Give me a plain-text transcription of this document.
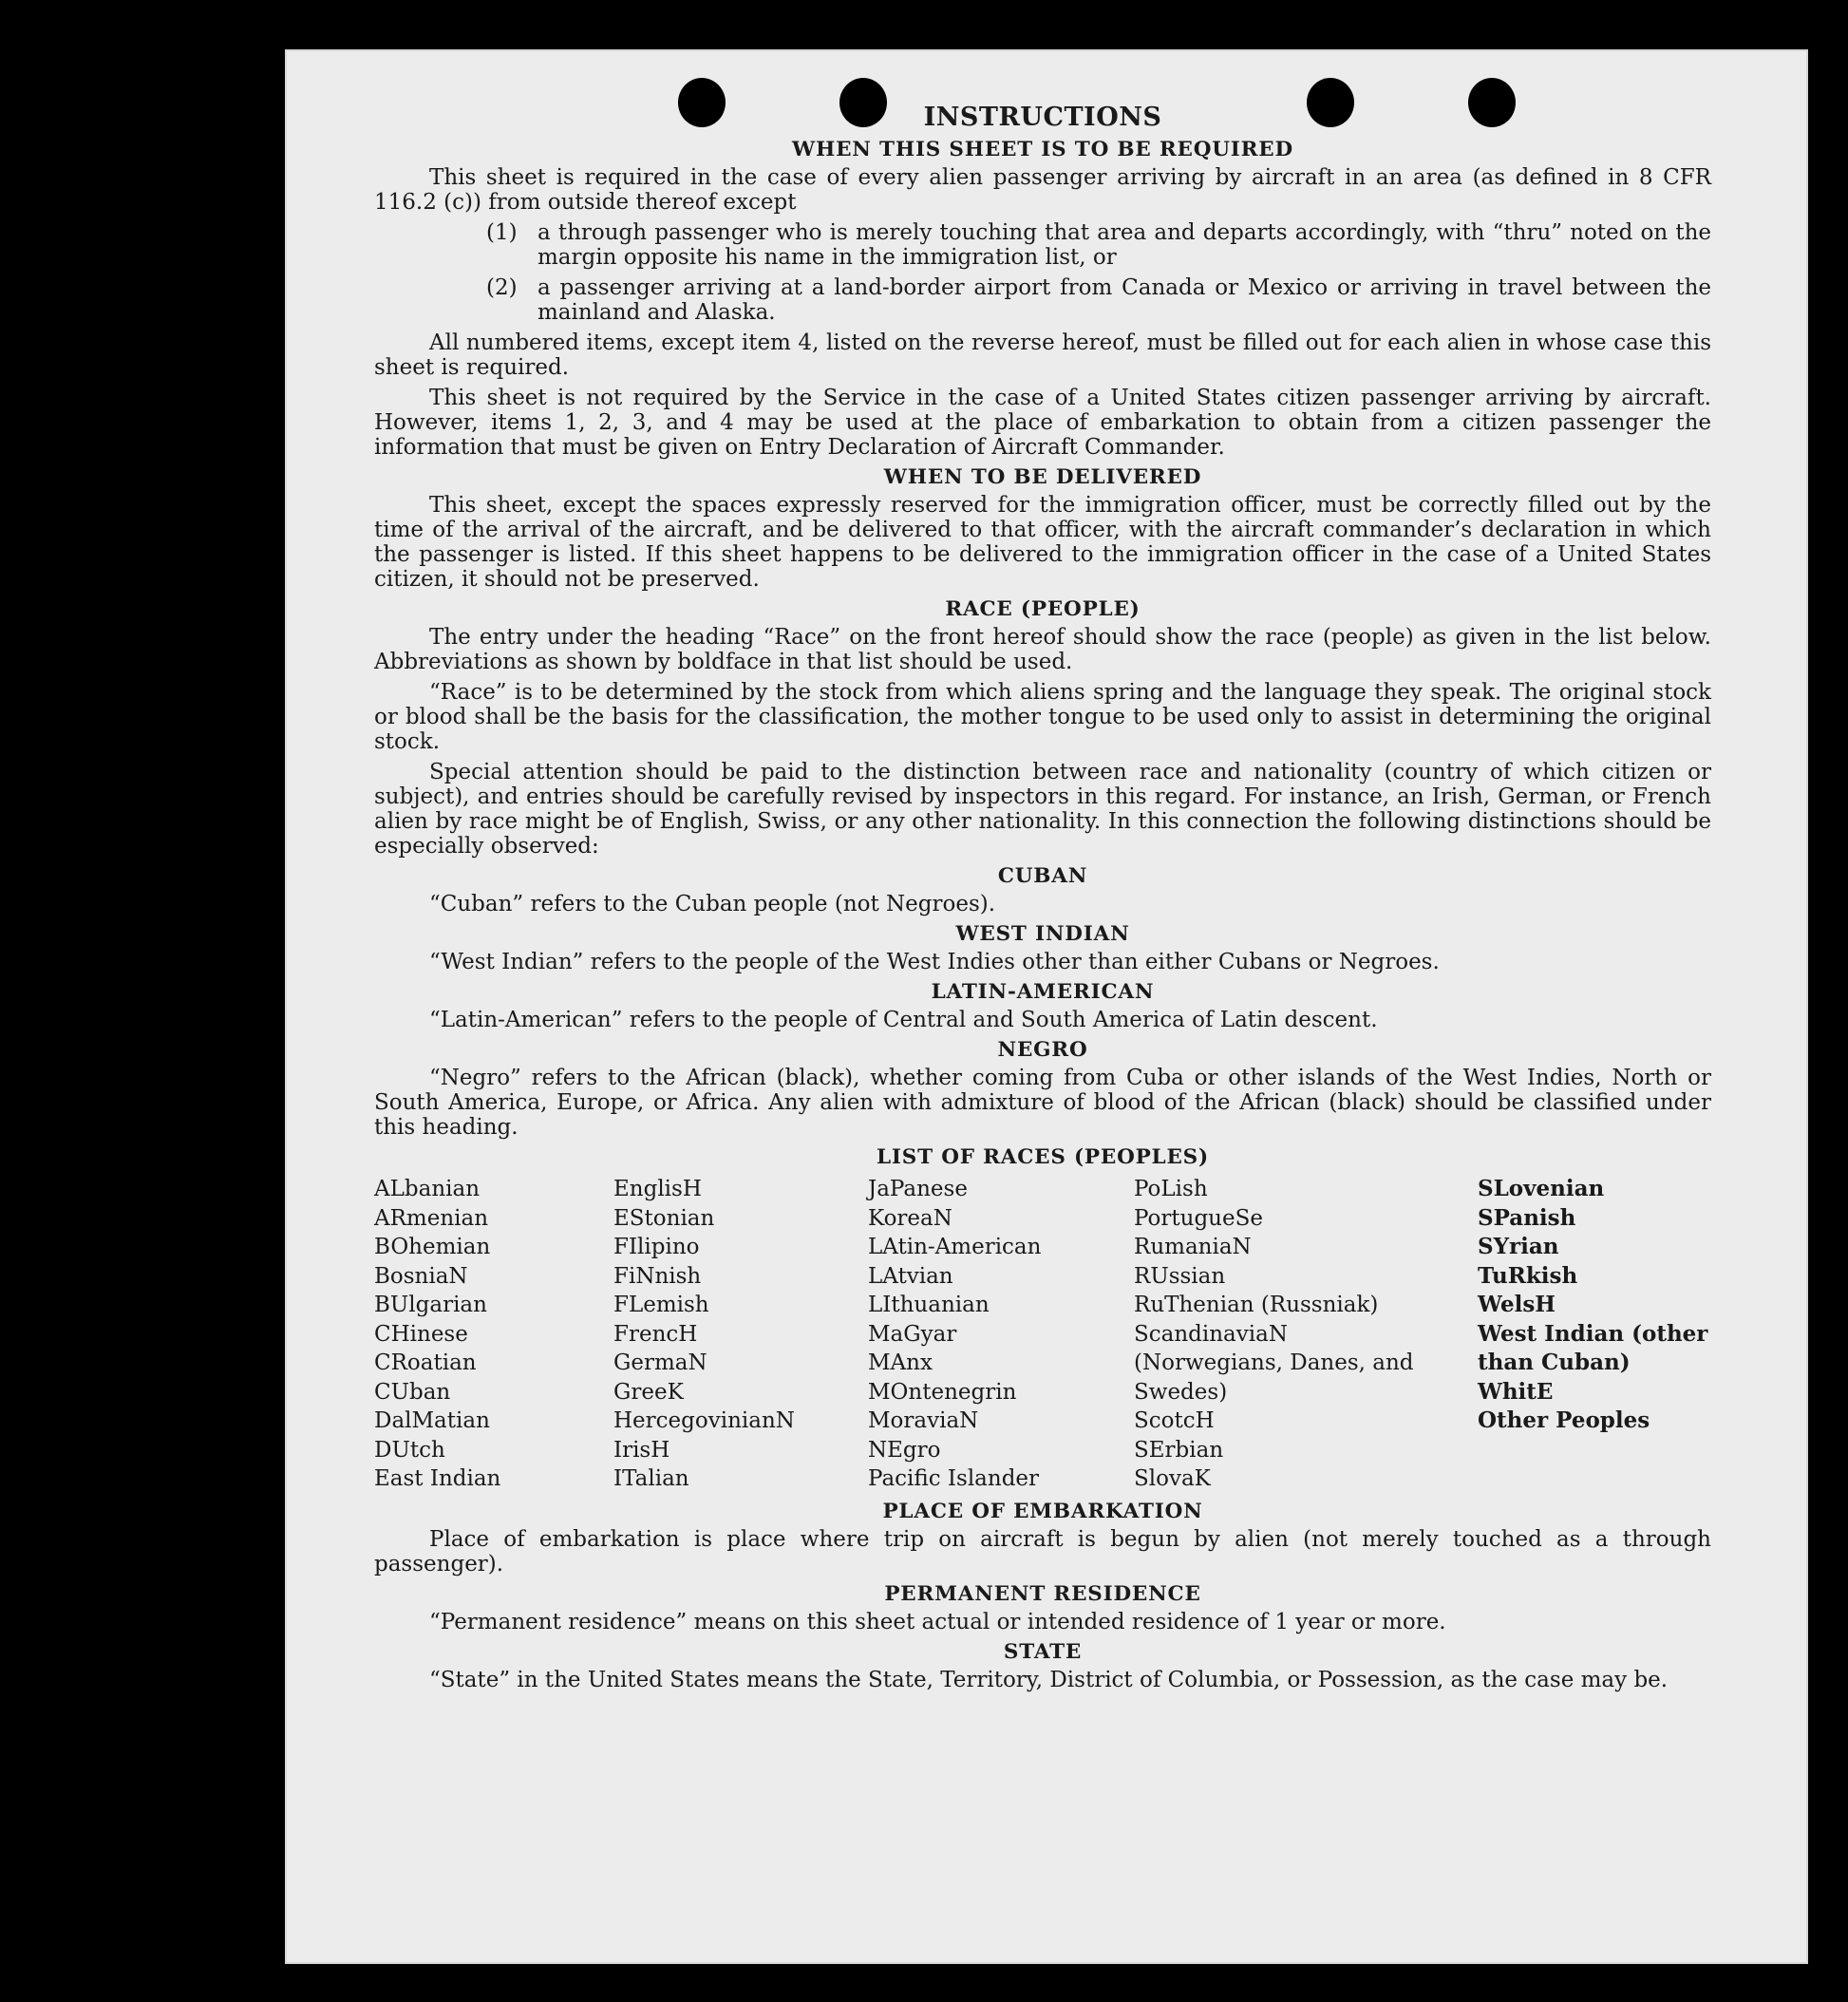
INSTRUCTIONS
WHEN THIS SHEET IS TO BE REQUIRED
This sheet is required in the case of every alien passenger arriving by aircraft in an area (as defined in 8 CFR 116.2 (c)) from outside thereof except
(1) a through passenger who is merely touching that area and departs accordingly, with “thru” noted on the margin opposite his name in the immigration list, or
(2) a passenger arriving at a land-border airport from Canada or Mexico or arriving in travel between the mainland and Alaska.
All numbered items, except item 4, listed on the reverse hereof, must be filled out for each alien in whose case this sheet is required.
This sheet is not required by the Service in the case of a United States citizen passenger arriving by aircraft. However, items 1, 2, 3, and 4 may be used at the place of embarkation to obtain from a citizen passenger the information that must be given on Entry Declaration of Aircraft Commander.
WHEN TO BE DELIVERED
This sheet, except the spaces expressly reserved for the immigration officer, must be correctly filled out by the time of the arrival of the aircraft, and be delivered to that officer, with the aircraft commander’s declaration in which the passenger is listed. If this sheet happens to be delivered to the immigration officer in the case of a United States citizen, it should not be preserved.
RACE (PEOPLE)
The entry under the heading “Race” on the front hereof should show the race (people) as given in the list below. Abbreviations as shown by boldface in that list should be used.
“Race” is to be determined by the stock from which aliens spring and the language they speak. The original stock or blood shall be the basis for the classification, the mother tongue to be used only to assist in determining the original stock.
Special attention should be paid to the distinction between race and nationality (country of which citizen or subject), and entries should be carefully revised by inspectors in this regard. For instance, an Irish, German, or French alien by race might be of English, Swiss, or any other nationality. In this connection the following distinctions should be especially observed:
CUBAN
“Cuban” refers to the Cuban people (not Negroes).
WEST INDIAN
“West Indian” refers to the people of the West Indies other than either Cubans or Negroes.
LATIN-AMERICAN
“Latin-American” refers to the people of Central and South America of Latin descent.
NEGRO
“Negro” refers to the African (black), whether coming from Cuba or other islands of the West Indies, North or South America, Europe, or Africa. Any alien with admixture of blood of the African (black) should be classified under this heading.
LIST OF RACES (PEOPLES)
ALbanian
ARmenian
BOhemian
BosniaN
BUlgarian
CHinese
CRoatian
CUban
DalMatian
DUtch
East Indian
EnglisH
EStonian
FIlipino
FiNnish
FLemish
FrencH
GermaN
GreeK
HercegovinianN
IrisH
ITalian
JaPanese
KoreaN
LAtin-American
LAtvian
LIthuanian
MaGyar
MAnx
MOntenegrin
MoraviaN
NEgro
Pacific Islander
PoLish
PortugueSe
RumaniaN
RUssian
RuThenian (Russniak)
ScandinaviaN (Norwegians, Danes, and Swedes)
ScotcH
SErbian
SlovaK
SLovenian
SPanish
SYrian
TuRkish
WelsH
West Indian (other than Cuban)
WhitE
Other Peoples
PLACE OF EMBARKATION
Place of embarkation is place where trip on aircraft is begun by alien (not merely touched as a through passenger).
PERMANENT RESIDENCE
“Permanent residence” means on this sheet actual or intended residence of 1 year or more.
STATE
“State” in the United States means the State, Territory, District of Columbia, or Possession, as the case may be.
